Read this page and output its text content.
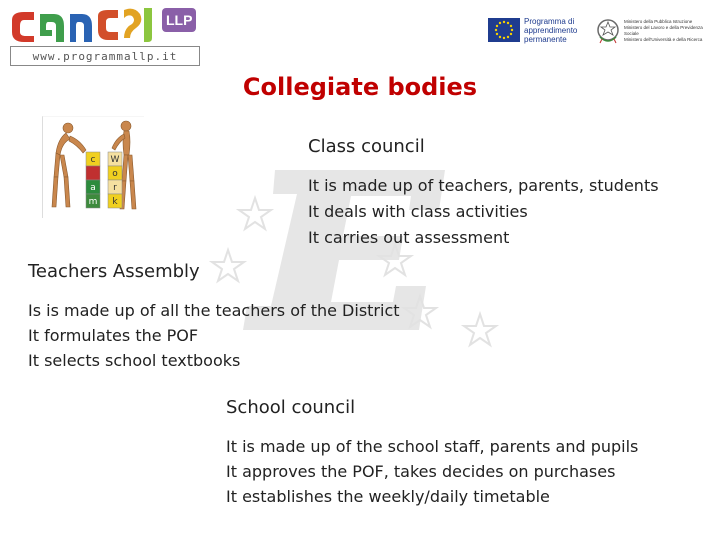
LLP
www.programmallp.it
Programma di
apprendimento
permanente
Ministero della Pubblica Istruzione
Ministero del Lavoro e della Previdenza Sociale
Ministero dell'Università e della Ricerca
Collegiate bodies
c
a
m
W
o
r
k
Class council
It is made up of teachers, parents, students
It deals with class activities
It carries out assessment
Teachers Assembly
Is is made up of all the teachers of the District
It formulates the POF
It selects school textbooks
School council
It is made up of the school staff, parents and pupils
It approves the POF, takes decides on purchases
It establishes the weekly/daily timetable
